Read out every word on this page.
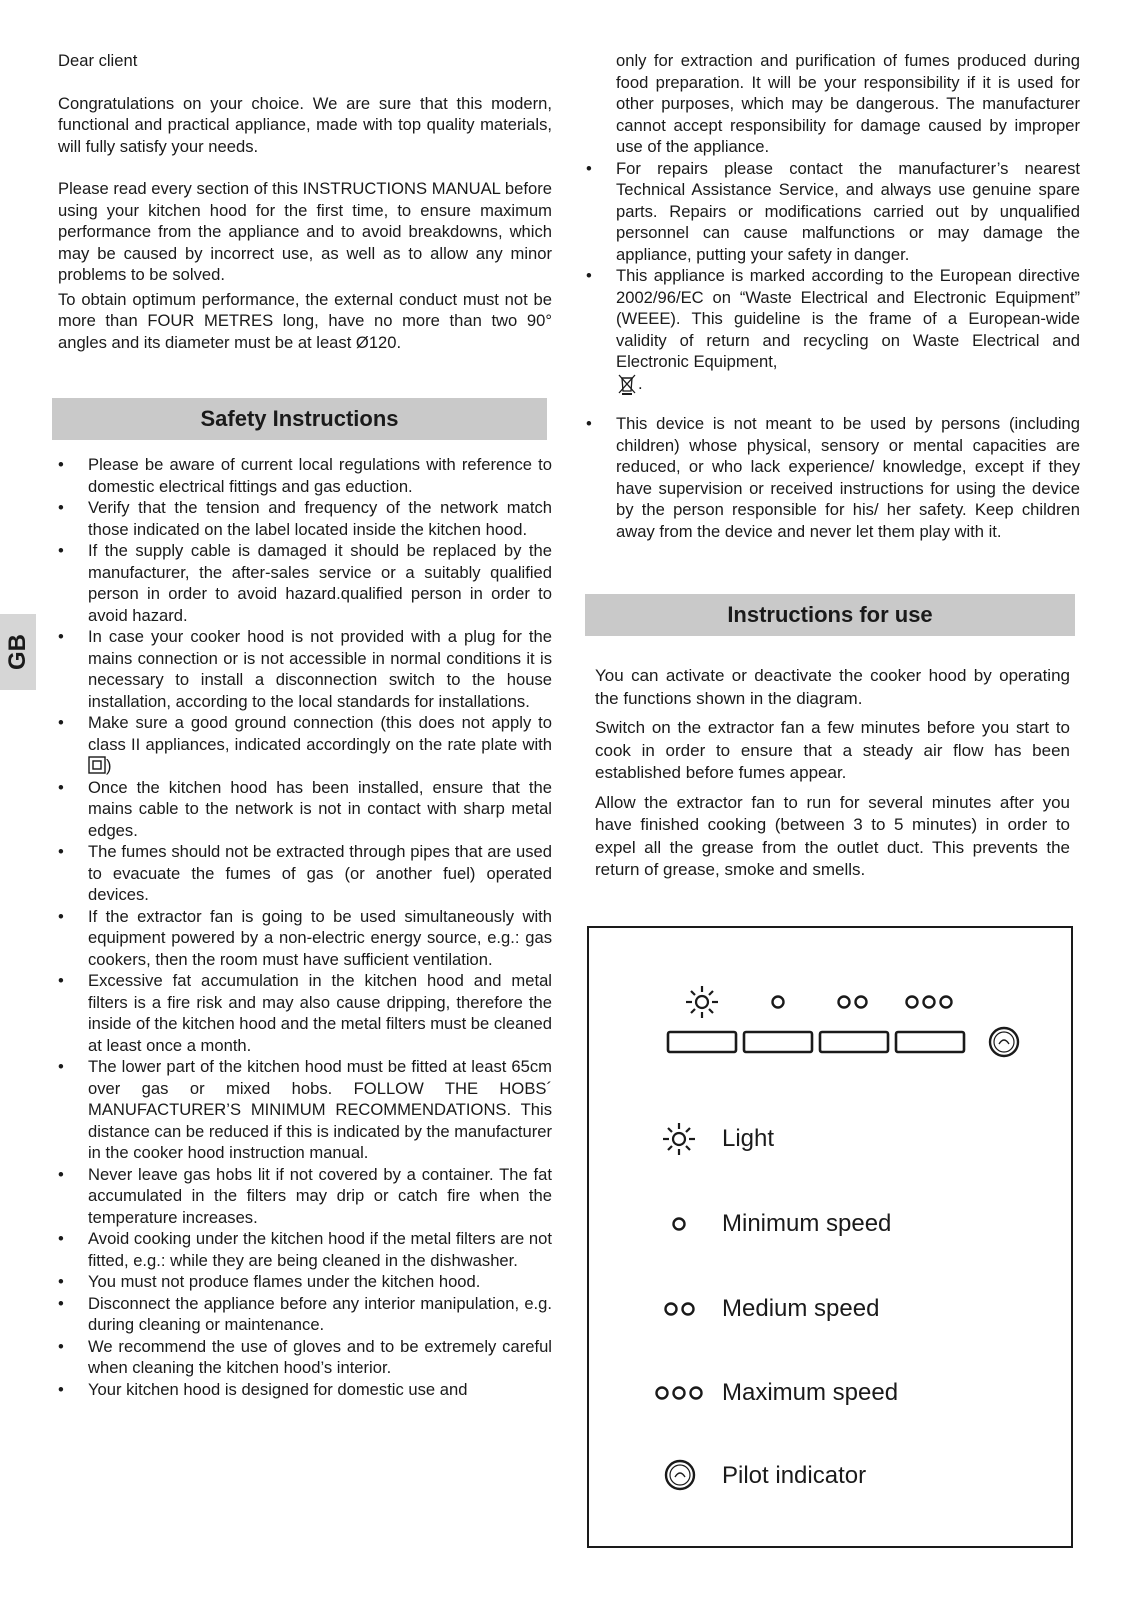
GB

Dear client

Congratulations on your choice. We are sure that this modern, functional and practical appliance, made with top quality materials, will fully satisfy your needs.

Please read every section of this INSTRUCTIONS MANUAL before using your kitchen hood for the first time, to ensure maximum performance from the appliance and to avoid breakdowns, which may be caused by incorrect use, as well as to allow any minor problems to be solved.

To obtain optimum performance, the external conduct must not be more than FOUR METRES long, have no more than two 90° angles and its diameter must be at least Ø120.

Safety Instructions
• Please be aware of current local regulations with reference to domestic electrical fittings and gas eduction.
• Verify that the tension and frequency of the network match those indicated on the label located inside the kitchen hood.
• If the supply cable is damaged it should be replaced by the manufacturer, the after-sales service or a suitably qualified person in order to avoid hazard.qualified person in order to avoid hazard.
• In case your cooker hood is not provided with a plug for the mains connection or is not accessible in normal conditions it is necessary to install a disconnection switch to the house installation, according to the local standards for installations.
• Make sure a good ground connection (this does not apply to class II appliances, indicated accordingly on the rate plate with )
• Once the kitchen hood has been installed, ensure that the mains cable to the network is not in contact with sharp metal edges.
• The fumes should not be extracted through pipes that are used to evacuate the fumes of gas (or another fuel) operated devices.
• If the extractor fan is going to be used simultaneously with equipment powered by a non-electric energy source, e.g.: gas cookers, then the room must have sufficient ventilation.
• Excessive fat accumulation in the kitchen hood and metal filters is a fire risk and may also cause dripping, therefore the inside of the kitchen hood and the metal filters must be cleaned at least once a month.
• The lower part of the kitchen hood must be fitted at least 65cm over gas or mixed hobs. FOLLOW THE HOBS´ MANUFACTURER’S MINIMUM RECOMMENDATIONS. This distance can be reduced if this is indicated by the manufacturer in the cooker hood instruction manual.
• Never leave gas hobs lit if not covered by a container. The fat accumulated in the filters may drip or catch fire when the temperature increases.
• Avoid cooking under the kitchen hood if the metal filters are not fitted, e.g.: while they are being cleaned in the dishwasher.
• You must not produce flames under the kitchen hood.
• Disconnect the appliance before any interior manipulation, e.g. during cleaning or maintenance.
• We recommend the use of gloves and to be extremely careful when cleaning the kitchen hood’s interior.
• Your kitchen hood is designed for domestic use and
only for extraction and purification of fumes produced during food preparation. It will be your responsibility if it is used for other purposes, which may be dangerous. The manufacturer cannot accept responsibility for damage caused by improper use of the appliance.
• For repairs please contact the manufacturer’s nearest Technical Assistance Service, and always use genuine spare parts. Repairs or modifications carried out by unqualified personnel can cause malfunctions or may damage the appliance, putting your safety in danger.
• This appliance is marked according to the European directive 2002/96/EC on “Waste Electrical and Electronic Equipment” (WEEE). This guideline is the frame of a European-wide validity of return and recycling on Waste Electrical and Electronic Equipment,
.
• This device is not meant to be used by persons (including children) whose physical, sensory or mental capacities are reduced, or who lack experience/ knowledge, except if they have supervision or received instructions for using the device by the person responsible for his/ her safety. Keep children away from the device and never let them play with it.
Instructions for use

You can activate or deactivate the cooker hood by operating the functions shown in the diagram.

Switch on the extractor fan a few minutes before you start to cook in order to ensure that a steady air flow has been established before fumes appear.

Allow the extractor fan to run for several minutes after you have finished cooking (between 3 to 5 minutes) in order to expel all the grease from the outlet duct. This prevents the return of grease, smoke and smells.

Light
Minimum speed
Medium speed
Maximum speed
Pilot indicator
